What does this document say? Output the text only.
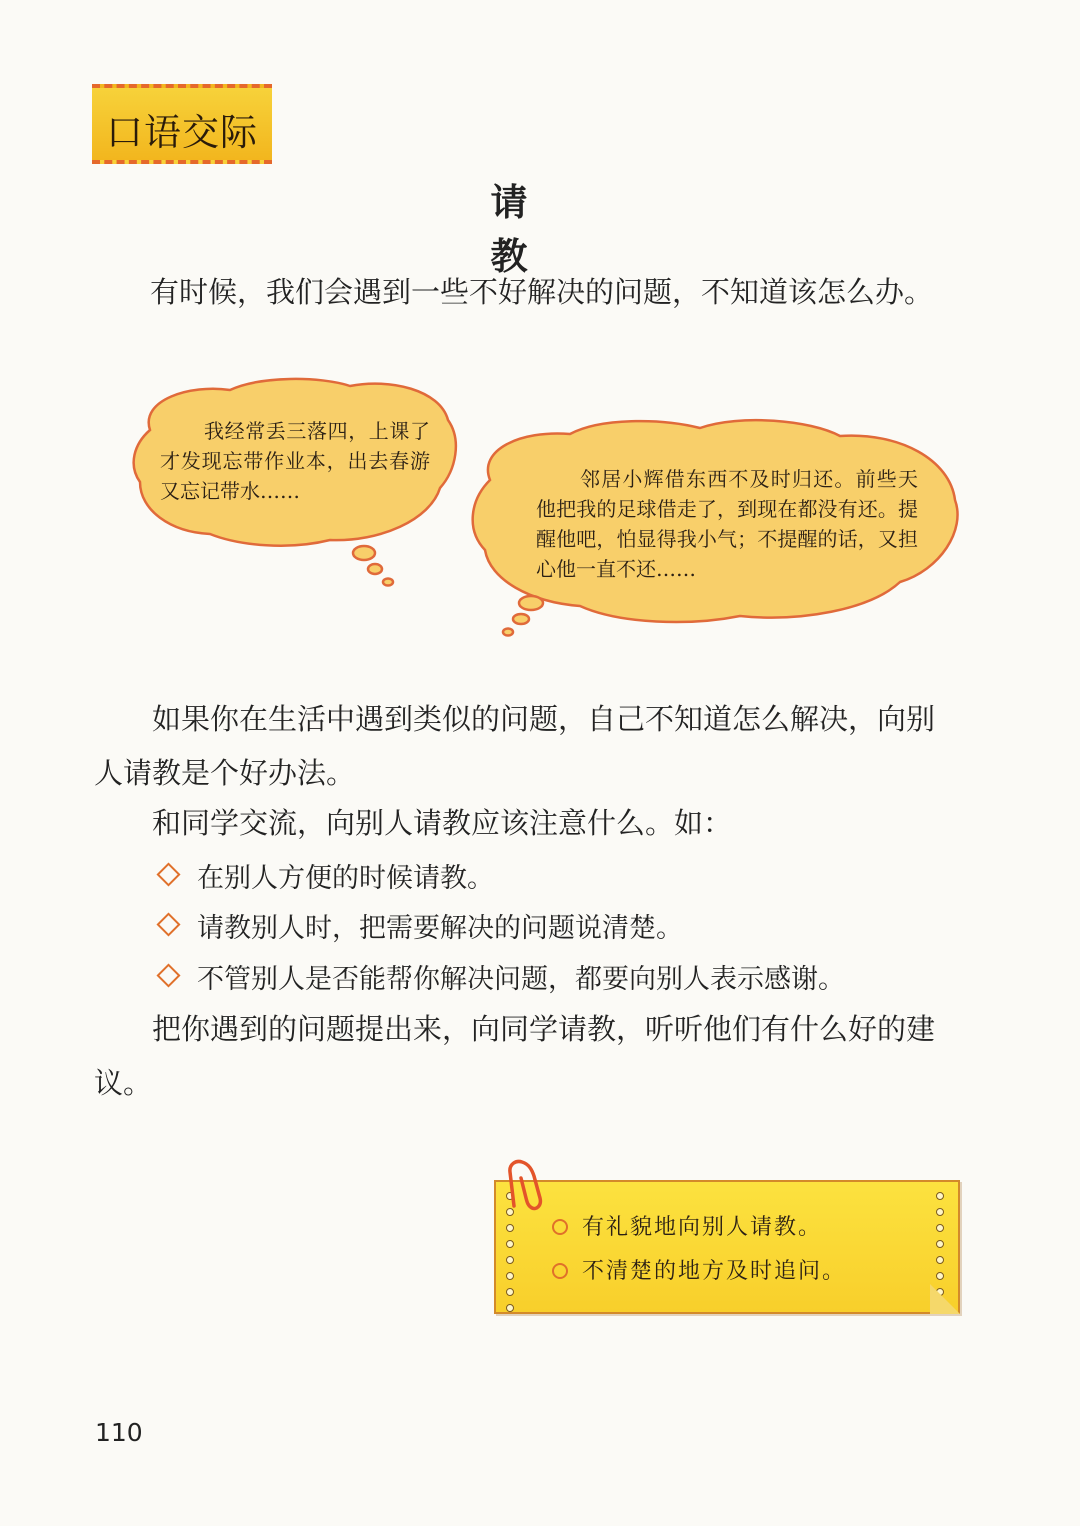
口语交际
请 教
有时候，我们会遇到一些不好解决的问题，不知道该怎么办。
我经常丢三落四，上课了才发现忘带作业本，出去春游又忘记带水……	邻居小辉借东西不及时归还。前些天他把我的足球借走了，到现在都没有还。提醒他吧，怕显得我小气；不提醒的话，又担心他一直不还……
如果你在生活中遇到类似的问题，自己不知道怎么解决，向别人请教是个好办法。
和同学交流，向别人请教应该注意什么。如：
在别人方便的时候请教。
请教别人时，把需要解决的问题说清楚。
不管别人是否能帮你解决问题，都要向别人表示感谢。
把你遇到的问题提出来，向同学请教，听听他们有什么好的建议。
有礼貌地向别人请教。
不清楚的地方及时追问。
110
